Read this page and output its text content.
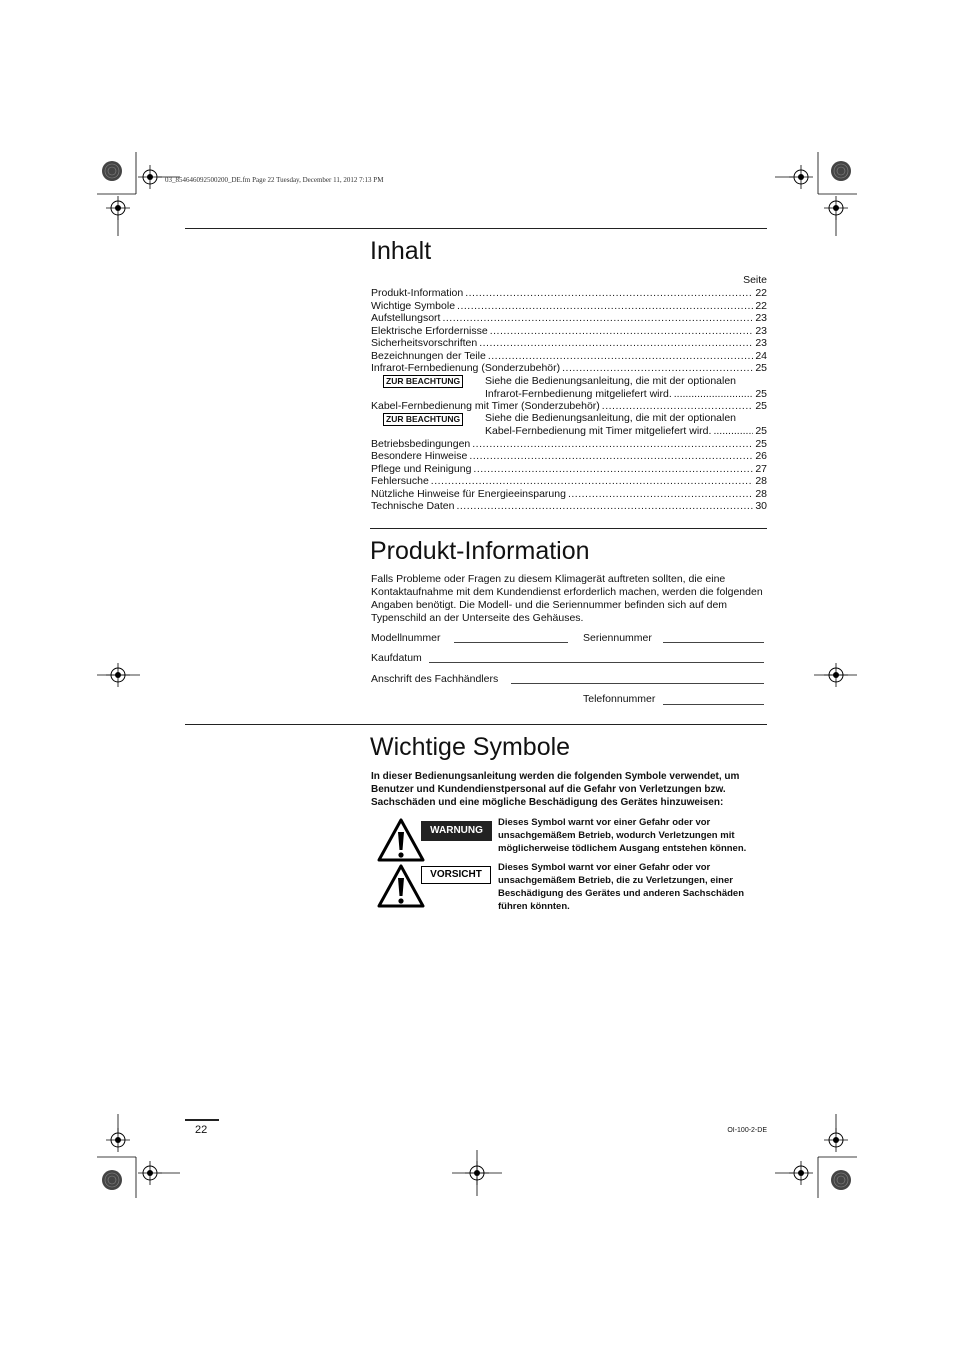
03_854646092500200_DE.fm Page 22 Tuesday, December 11, 2012 7:13 PM
Inhalt
Seite
Produkt-Information .....	22
Wichtige Symbole .....	22
Aufstellungsort .....	23
Elektrische Erfordernisse .....	23
Sicherheitsvorschriften .....	23
Bezeichnungen der Teile .....	24
Infrarot-Fernbedienung (Sonderzubehör) .....	25
ZUR BEACHTUNG Siehe die Bedienungsanleitung, die mit der optionalen
Infrarot-Fernbedienung mitgeliefert wird. .....	25
Kabel-Fernbedienung mit Timer (Sonderzubehör) .....	25
ZUR BEACHTUNG Siehe die Bedienungsanleitung, die mit der optionalen
Kabel-Fernbedienung mit Timer mitgeliefert wird. .....	25
Betriebsbedingungen .....	25
Besondere Hinweise .....	26
Pflege und Reinigung .....	27
Fehlersuche .....	28
Nützliche Hinweise für Energieeinsparung .....	28
Technische Daten .....	30
Produkt-Information
Falls Probleme oder Fragen zu diesem Klimagerät auftreten sollten, die eine Kontaktaufnahme mit dem Kundendienst erforderlich machen, werden die folgenden Angaben benötigt. Die Modell- und die Seriennummer befinden sich auf dem Typenschild an der Unterseite des Gehäuses.
Modellnummer	Seriennummer
Kaufdatum
Anschrift des Fachhändlers
Telefonnummer
Wichtige Symbole
In dieser Bedienungsanleitung werden die folgenden Symbole verwendet, um Benutzer und Kundendienstpersonal auf die Gefahr von Verletzungen bzw. Sachschäden und eine mögliche Beschädigung des Gerätes hinzuweisen:
WARNUNG
Dieses Symbol warnt vor einer Gefahr oder vor unsachgemäßem Betrieb, wodurch Verletzungen mit möglicherweise tödlichem Ausgang entstehen können.
VORSICHT
Dieses Symbol warnt vor einer Gefahr oder vor unsachgemäßem Betrieb, die zu Verletzungen, einer Beschädigung des Gerätes und anderen Sachschäden führen könnten.
22	OI-100-2-DE
